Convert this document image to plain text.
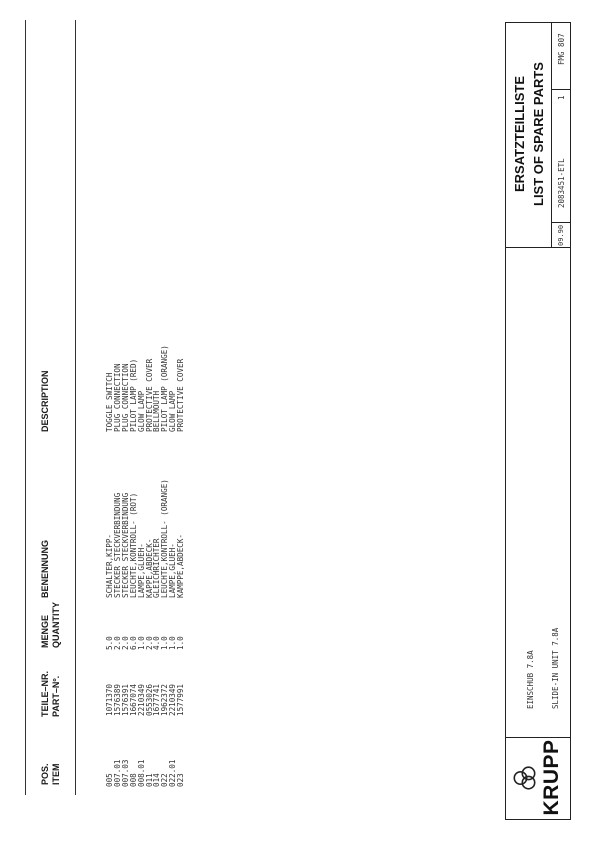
POS. ITEM
TEILE–NR. PART–Nº.
MENGE QUANTITY
BENENNUNG
DESCRIPTION
005
007.01
007.03
008
008.01
011
014
022
022.01
023
1071370
1576389
1576391
1667074
2210349
0553026
1677741
1962372
2210349
1577991
5.0
2.0
2.0
6.0
1.0
2.0
4.0
1.0
1.0
1.0
SCHALTER,KIPP-
STECKER STECKVERBINDUNG
STECKER STECKVERBINDUNG
LEUCHTE,KONTROLL- (ROT)
LAMPE,GLUEH-
KAPPE,ABDECK-
GLEICHRICHTER
LEUCHTE,KONTROLL- (ORANGE)
LAMPE,GLUEH-
KAMPPE,ABDECK-
TOGGLE SWITCH
PLUG CONNECTION
PLUG CONNECTION
PILOT LAMP (RED)
GLOW LAMP
PROTECTIVE COVER
BELLMOUTH
PILOT LAMP (ORANGE)
GLOW LAMP
PROTECTIVE COVER
KRUPP
EINSCHUB 7.8A SLIDE-IN UNIT 7.8A
ERSATZTEILLISTE LIST OF SPARE PARTS
09.90
2083451-ETL
1
FMG 807
